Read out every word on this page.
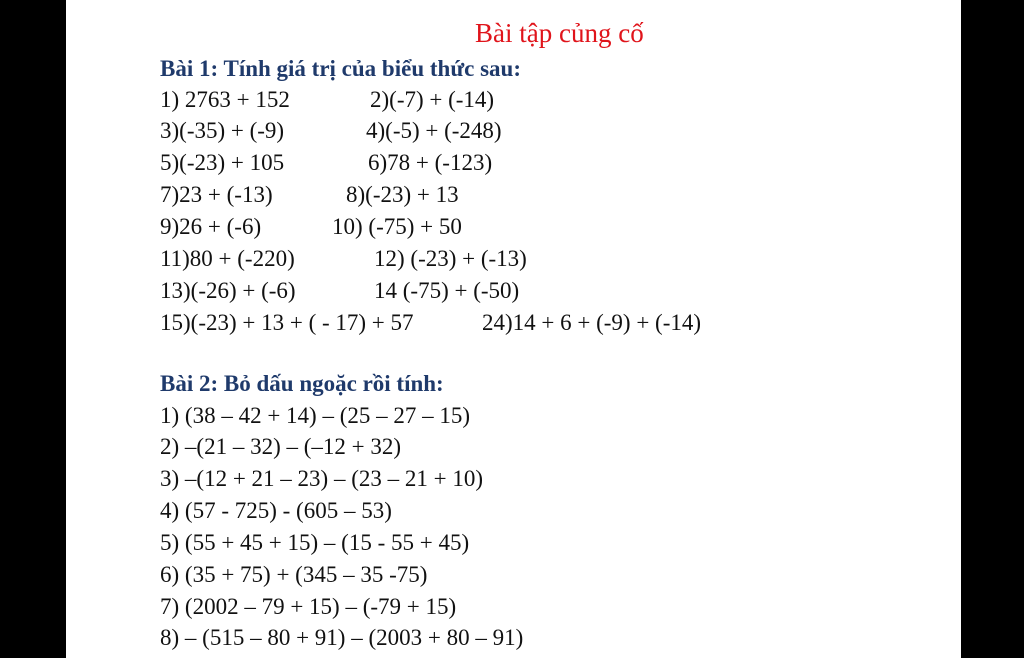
Bài tập củng cố
Bài 1: Tính giá trị của biểu thức sau:
1) 2763 + 152	2)(-7) + (-14)
3)(-35) + (-9)	4)(-5) + (-248)
5)(-23) + 105	6)78 + (-123)
7)23 + (-13)	8)(-23) + 13
9)26 + (-6)	10) (-75) + 50
11)80 + (-220)	12) (-23) + (-13)
13)(-26) + (-6)	14 (-75) + (-50)
15)(-23) + 13 + ( - 17) + 57	24)14 + 6 + (-9) + (-14)
Bài 2: Bỏ dấu ngoặc rồi tính:
1) (38 – 42 + 14) – (25 – 27 – 15)
2) –(21 – 32) – (–12 + 32)
3) –(12 + 21 – 23) – (23 – 21 + 10)
4) (57 - 725) - (605 – 53)
5) (55 + 45 + 15) – (15 - 55 + 45)
6) (35 + 75) + (345 – 35 -75)
7) (2002 – 79 + 15) – (-79 + 15)
8) – (515 – 80 + 91) – (2003 + 80 – 91)
